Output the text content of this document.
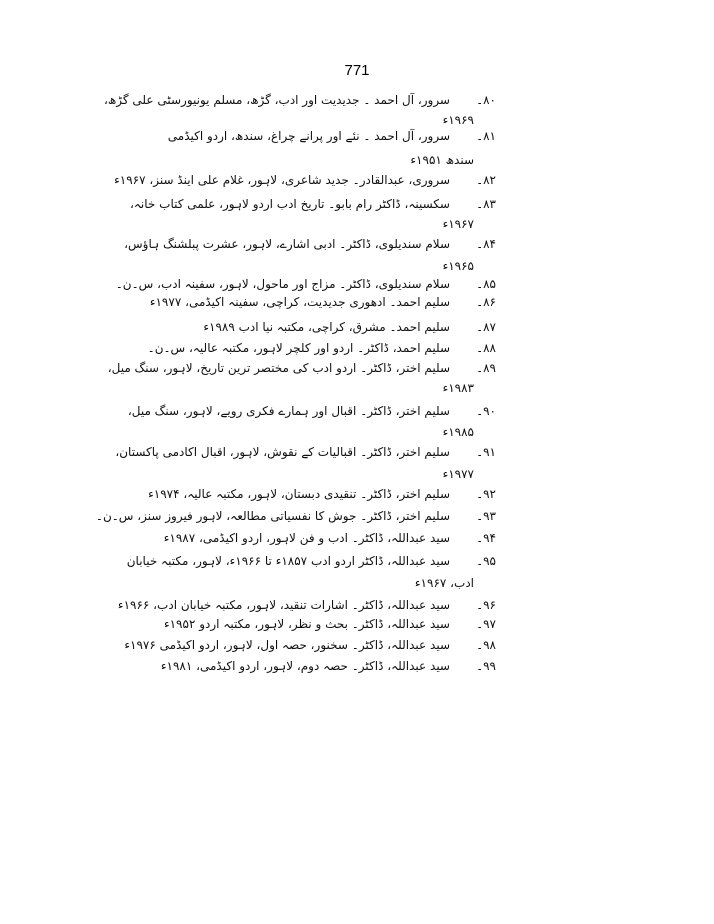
771
۸۰۔
سرور، آل احمد ۔ جدیدیت اور ادب، گڑھ، مسلم یونیورسٹی علی گڑھ،
۱۹۶۹ء
۸۱۔
سرور، آل احمد ۔ نئے اور پرانے چراغ، سندھ، اردو اکیڈمی
سندھ ۱۹۵۱ء
۸۲۔
سروری، عبدالقادر۔ جدید شاعری، لاہور، غلام علی اینڈ سنز، ۱۹۶۷ء
۸۳۔
سکسینہ، ڈاکٹر رام بابو۔ تاریخ ادب اردو لاہور، علمی کتاب خانہ،
۱۹۶۷ء
۸۴۔
سلام سندیلوی، ڈاکٹر۔ ادبی اشارے، لاہور، عشرت پبلشنگ ہاؤس،
۱۹۶۵ء
۸۵۔
سلام سندیلوی، ڈاکٹر۔ مزاج اور ماحول، لاہور، سفینہ ادب، س۔ن۔
۸۶۔
سلیم احمد۔ ادھوری جدیدیت، کراچی، سفینہ اکیڈمی، ۱۹۷۷ء
۸۷۔
سلیم احمد۔ مشرق، کراچی، مکتبہ نیا ادب ۱۹۸۹ء
۸۸۔
سلیم احمد، ڈاکٹر۔ اردو اور کلچر لاہور، مکتبہ عالیہ، س۔ن۔
۸۹۔
سلیم اختر، ڈاکٹر۔ اردو ادب کی مختصر ترین تاریخ، لاہور، سنگ میل،
۱۹۸۳ء
۹۰۔
سلیم اختر، ڈاکٹر۔ اقبال اور ہمارے فکری رویے، لاہور، سنگ میل،
۱۹۸۵ء
۹۱۔
سلیم اختر، ڈاکٹر۔ اقبالیات کے نقوش، لاہور، اقبال اکادمی پاکستان،
۱۹۷۷ء
۹۲۔
سلیم اختر، ڈاکٹر۔ تنقیدی دبستان، لاہور، مکتبہ عالیہ، ۱۹۷۴ء
۹۳۔
سلیم اختر، ڈاکٹر۔ جوش کا نفسیاتی مطالعہ، لاہور فیروز سنز، س۔ن۔
۹۴۔
سید عبداللہ، ڈاکٹر۔ ادب و فن لاہور، اردو اکیڈمی، ۱۹۸۷ء
۹۵۔
سید عبداللہ، ڈاکٹر اردو ادب ۱۸۵۷ء تا ۱۹۶۶ء، لاہور، مکتبہ خیابان
ادب، ۱۹۶۷ء
۹۶۔
سید عبداللہ، ڈاکٹر۔ اشارات تنقید، لاہور، مکتبہ خیابان ادب، ۱۹۶۶ء
۹۷۔
سید عبداللہ، ڈاکٹر۔ بحث و نظر، لاہور، مکتبہ اردو ۱۹۵۲ء
۹۸۔
سید عبداللہ، ڈاکٹر۔ سخنور، حصہ اول، لاہور، اردو اکیڈمی ۱۹۷۶ء
۹۹۔
سید عبداللہ، ڈاکٹر۔ حصہ دوم، لاہور، اردو اکیڈمی، ۱۹۸۱ء
